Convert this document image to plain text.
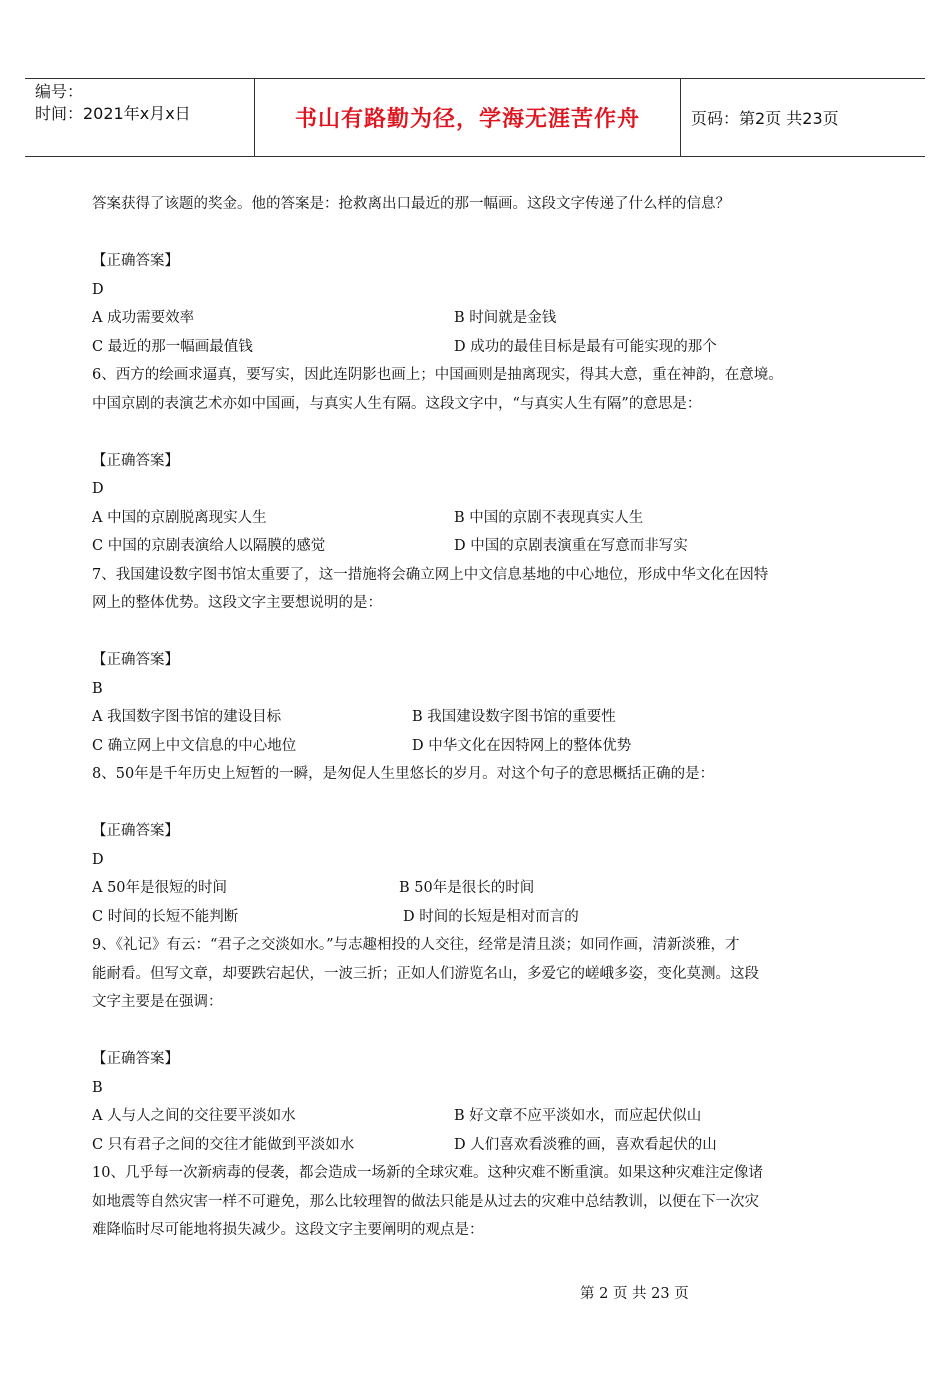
编号：
时间：2021年x月x日	书山有路勤为径，学海无涯苦作舟	页码：第2页 共23页
答案获得了该题的奖金。他的答案是：抢救离出口最近的那一幅画。这段文字传递了什么样的信息？
【正确答案】
D
A 成功需要效率	B 时间就是金钱
C 最近的那一幅画最值钱	D 成功的最佳目标是最有可能实现的那个
6、西方的绘画求逼真，要写实，因此连阴影也画上；中国画则是抽离现实，得其大意，重在神韵，在意境。
中国京剧的表演艺术亦如中国画，与真实人生有隔。这段文字中，“与真实人生有隔”的意思是：
【正确答案】
D
A 中国的京剧脱离现实人生	B 中国的京剧不表现真实人生
C 中国的京剧表演给人以隔膜的感觉	D 中国的京剧表演重在写意而非写实
7、我国建设数字图书馆太重要了，这一措施将会确立网上中文信息基地的中心地位，形成中华文化在因特
网上的整体优势。这段文字主要想说明的是：
【正确答案】
B
A 我国数字图书馆的建设目标	B 我国建设数字图书馆的重要性
C 确立网上中文信息的中心地位	D 中华文化在因特网上的整体优势
8、50年是千年历史上短暂的一瞬，是匆促人生里悠长的岁月。对这个句子的意思概括正确的是：
【正确答案】
D
A 50年是很短的时间	B 50年是很长的时间
C 时间的长短不能判断	D 时间的长短是相对而言的
9、《礼记》有云：“君子之交淡如水。”与志趣相投的人交往，经常是清且淡；如同作画，清新淡雅，才
能耐看。但写文章，却要跌宕起伏，一波三折；正如人们游览名山，多爱它的嵯峨多姿，变化莫测。这段
文字主要是在强调：
【正确答案】
B
A 人与人之间的交往要平淡如水	B 好文章不应平淡如水，而应起伏似山
C 只有君子之间的交往才能做到平淡如水	D 人们喜欢看淡雅的画，喜欢看起伏的山
10、几乎每一次新病毒的侵袭，都会造成一场新的全球灾难。这种灾难不断重演。如果这种灾难注定像诸
如地震等自然灾害一样不可避免，那么比较理智的做法只能是从过去的灾难中总结教训，以便在下一次灾
难降临时尽可能地将损失减少。这段文字主要阐明的观点是：
第 2 页 共 23 页
